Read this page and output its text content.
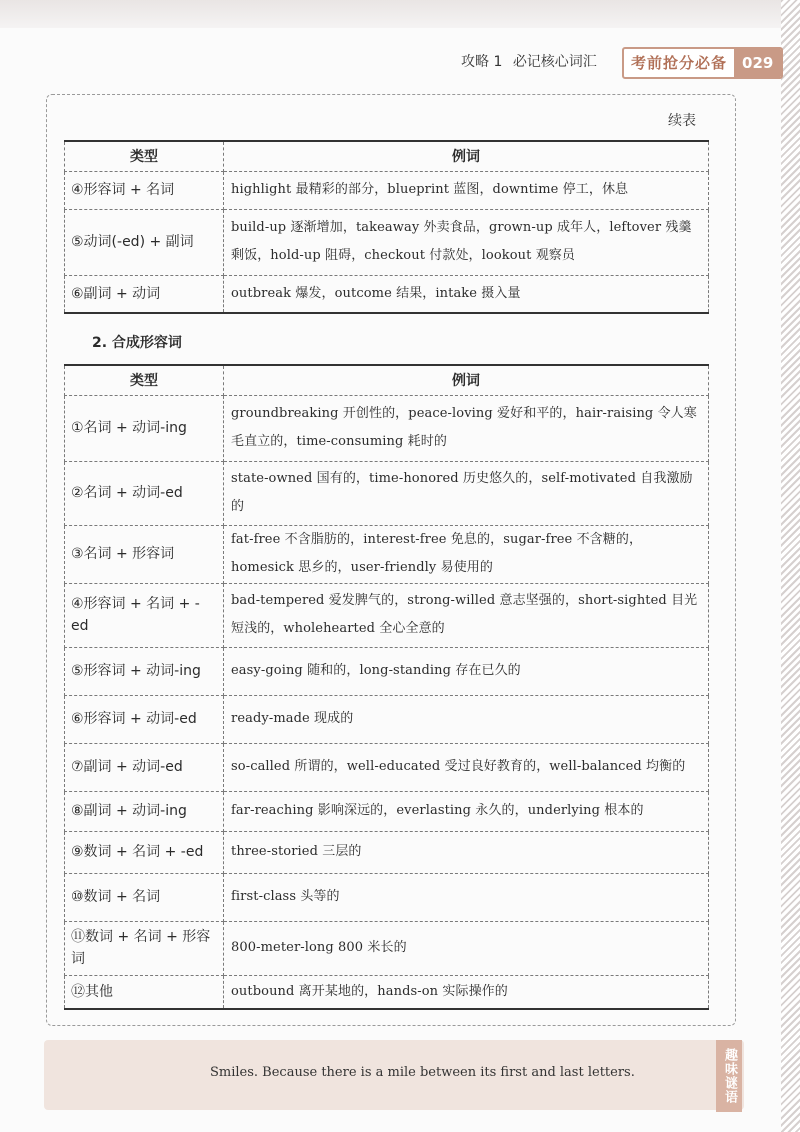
攻略 1 必记核心词汇	考前抢分必备	029
续表
类型	例词
④形容词 + 名词	highlight 最精彩的部分，blueprint 蓝图，downtime 停工，休息
⑤动词(-ed) + 副词	build-up 逐渐增加，takeaway 外卖食品，grown-up 成年人，leftover 残羹剩饭，hold-up 阻碍，checkout 付款处，lookout 观察员
⑥副词 + 动词	outbreak 爆发，outcome 结果，intake 摄入量
2. 合成形容词
类型	例词
①名词 + 动词-ing	groundbreaking 开创性的，peace-loving 爱好和平的，hair-raising 令人寒毛直立的，time-consuming 耗时的
②名词 + 动词-ed	state-owned 国有的，time-honored 历史悠久的，self-motivated 自我激励的
③名词 + 形容词	fat-free 不含脂肪的，interest-free 免息的，sugar-free 不含糖的，homesick 思乡的，user-friendly 易使用的
④形容词 + 名词 + -ed	bad-tempered 爱发脾气的，strong-willed 意志坚强的，short-sighted 目光短浅的，wholehearted 全心全意的
⑤形容词 + 动词-ing	easy-going 随和的，long-standing 存在已久的
⑥形容词 + 动词-ed	ready-made 现成的
⑦副词 + 动词-ed	so-called 所谓的，well-educated 受过良好教育的，well-balanced 均衡的
⑧副词 + 动词-ing	far-reaching 影响深远的，everlasting 永久的，underlying 根本的
⑨数词 + 名词 + -ed	three-storied 三层的
⑩数词 + 名词	first-class 头等的
⑪数词 + 名词 + 形容词	800-meter-long 800 米长的
⑫其他	outbound 离开某地的，hands-on 实际操作的
Smiles. Because there is a mile between its first and last letters.	趣味谜语
